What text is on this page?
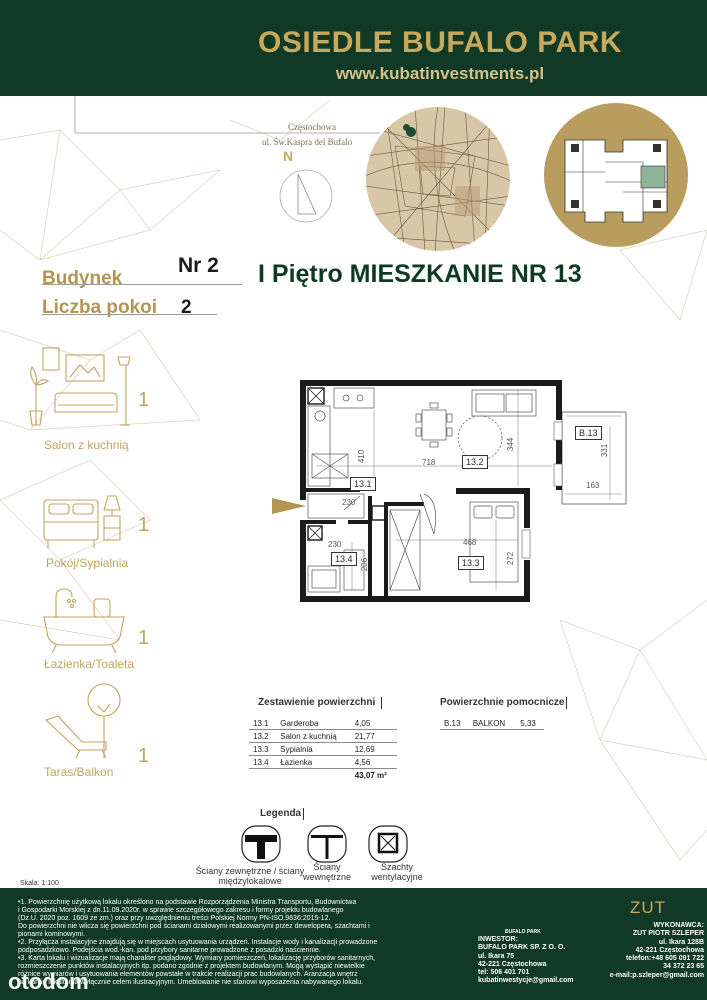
OSIEDLE BUFALO PARK
www.kubatinvestments.pl
Częstochowa
ul. Św.Kaspra del Bufalo
N
Budynek
Nr 2
Liczba pokoi 2
I Piętro MIESZKANIE NR 13
1
Salon z kuchnią
1
Pokój/Sypialnia
1
Łazienka/Toaleta
1
Taras/Balkon
13.2
13.1
13.4	13.3
B.13
410	718
344
230
230
206
468
272
331
163
Zestawienie powierzchni
13.1	Garderoba	4,05
13.2	Salon z kuchnią	21,77
13.3	Sypialnia	12,69
13.4	Łazienka	4,56
		43,07 m²
Powierzchnie pomocnicze
B.13	BALKON	5,33
Legenda
Ściany zewnętrzne / ściany międzylokalowe
Ściany wewnętrzne
Szachty wentylacyjne
Skala: 1:100
•1. Powierzchnię użytkową lokalu określono na podstawie Rozporządzenia Ministra Transportu, Budownictwa
i Gospodarki Morskiej z dn.11.09.2020r. w sprawie szczegółowego zakresu i formy projektu budowlanego
(Dz.U. 2020 poz. 1609 ze zm.) oraz przy uwzględnieniu treści Polskiej Normy PN-ISO.9836:2015-12.
Do powierzchni nie wlicza się powierzchni pod ścianami działowymi realizowanymi przez dewelopera, szachtami i
pionami kominowymi.
•2. Przyłącza instalacyjne znajdują się w miejscach usytuowania urządzeń. Instalacje wody i kanalizacji prowadzone
podposadzkowo. Podejścia wod.-kan. pod przybory sanitarne prowadzone z posadzki naściennie.
•3. Karta lokalu i wizualizacje mają charakter poglądowy. Wymiary pomieszczeń, lokalizację przyborów sanitarnych,
rozmieszczenie punktów instalacyjnych itp. podano zgodnie z projektem budowlanym. Mogą wystąpić niewielkie
różnice wymiarów i usytuowania elementów powstałe w trakcie realizacji prac budowlanych. Aranżacja wnętrz
na karcie lokalu ma wyłącznie celem ilustracyjnym. Umeblowanie nie stanowi wyposażenia nabywanego lokalu.
BUFALO PARK
INWESTOR:
BUFALO PARK SP. Z O. O.
ul. Ikara 75
42-221 Częstochowa
tel: 506 401 701
kubatinwestycje@gmail.com
ZUT
WYKONAWCA:
ZUT PIOTR SZLEPER
ul. Ikara 128B
42-221 Częstochowa
telefon:+48 605 091 722
34 372 23 65
e-mail:p.szleper@gmail.com
otodom
